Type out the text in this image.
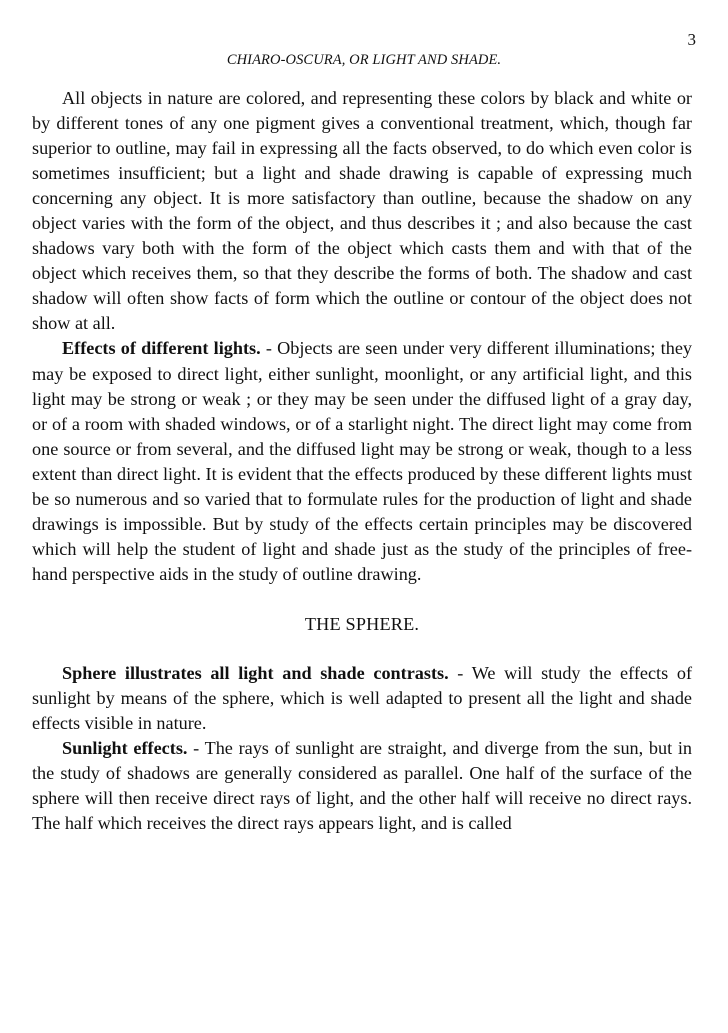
3
CHIARO-OSCURA, OR LIGHT AND SHADE.

All objects in nature are colored, and representing these colors by black and white or by different tones of any one pigment gives a conventional treatment, which, though far superior to outline, may fail in expressing all the facts observed, to do which even color is sometimes insufficient; but a light and shade drawing is capable of expressing much concerning any object. It is more satisfactory than outline, because the shadow on any object varies with the form of the object, and thus describes it ; and also because the cast shadows vary both with the form of the object which casts them and with that of the object which receives them, so that they describe the forms of both. The shadow and cast shadow will often show facts of form which the outline or contour of the object does not show at all.

Effects of different lights. - Objects are seen under very different illuminations; they may be exposed to direct light, either sunlight, moonlight, or any artificial light, and this light may be strong or weak ; or they may be seen under the diffused light of a gray day, or of a room with shaded windows, or of a starlight night. The direct light may come from one source or from several, and the diffused light may be strong or weak, though to a less extent than direct light. It is evident that the effects produced by these different lights must be so numerous and so varied that to formulate rules for the production of light and shade drawings is impossible. But by study of the effects certain principles may be discovered which will help the student of light and shade just as the study of the principles of free-hand perspective aids in the study of outline drawing.

THE SPHERE.

Sphere illustrates all light and shade contrasts. - We will study the effects of sunlight by means of the sphere, which is well adapted to present all the light and shade effects visible in nature.

Sunlight effects. - The rays of sunlight are straight, and diverge from the sun, but in the study of shadows are generally considered as parallel. One half of the surface of the sphere will then receive direct rays of light, and the other half will receive no direct rays. The half which receives the direct rays appears light, and is called
